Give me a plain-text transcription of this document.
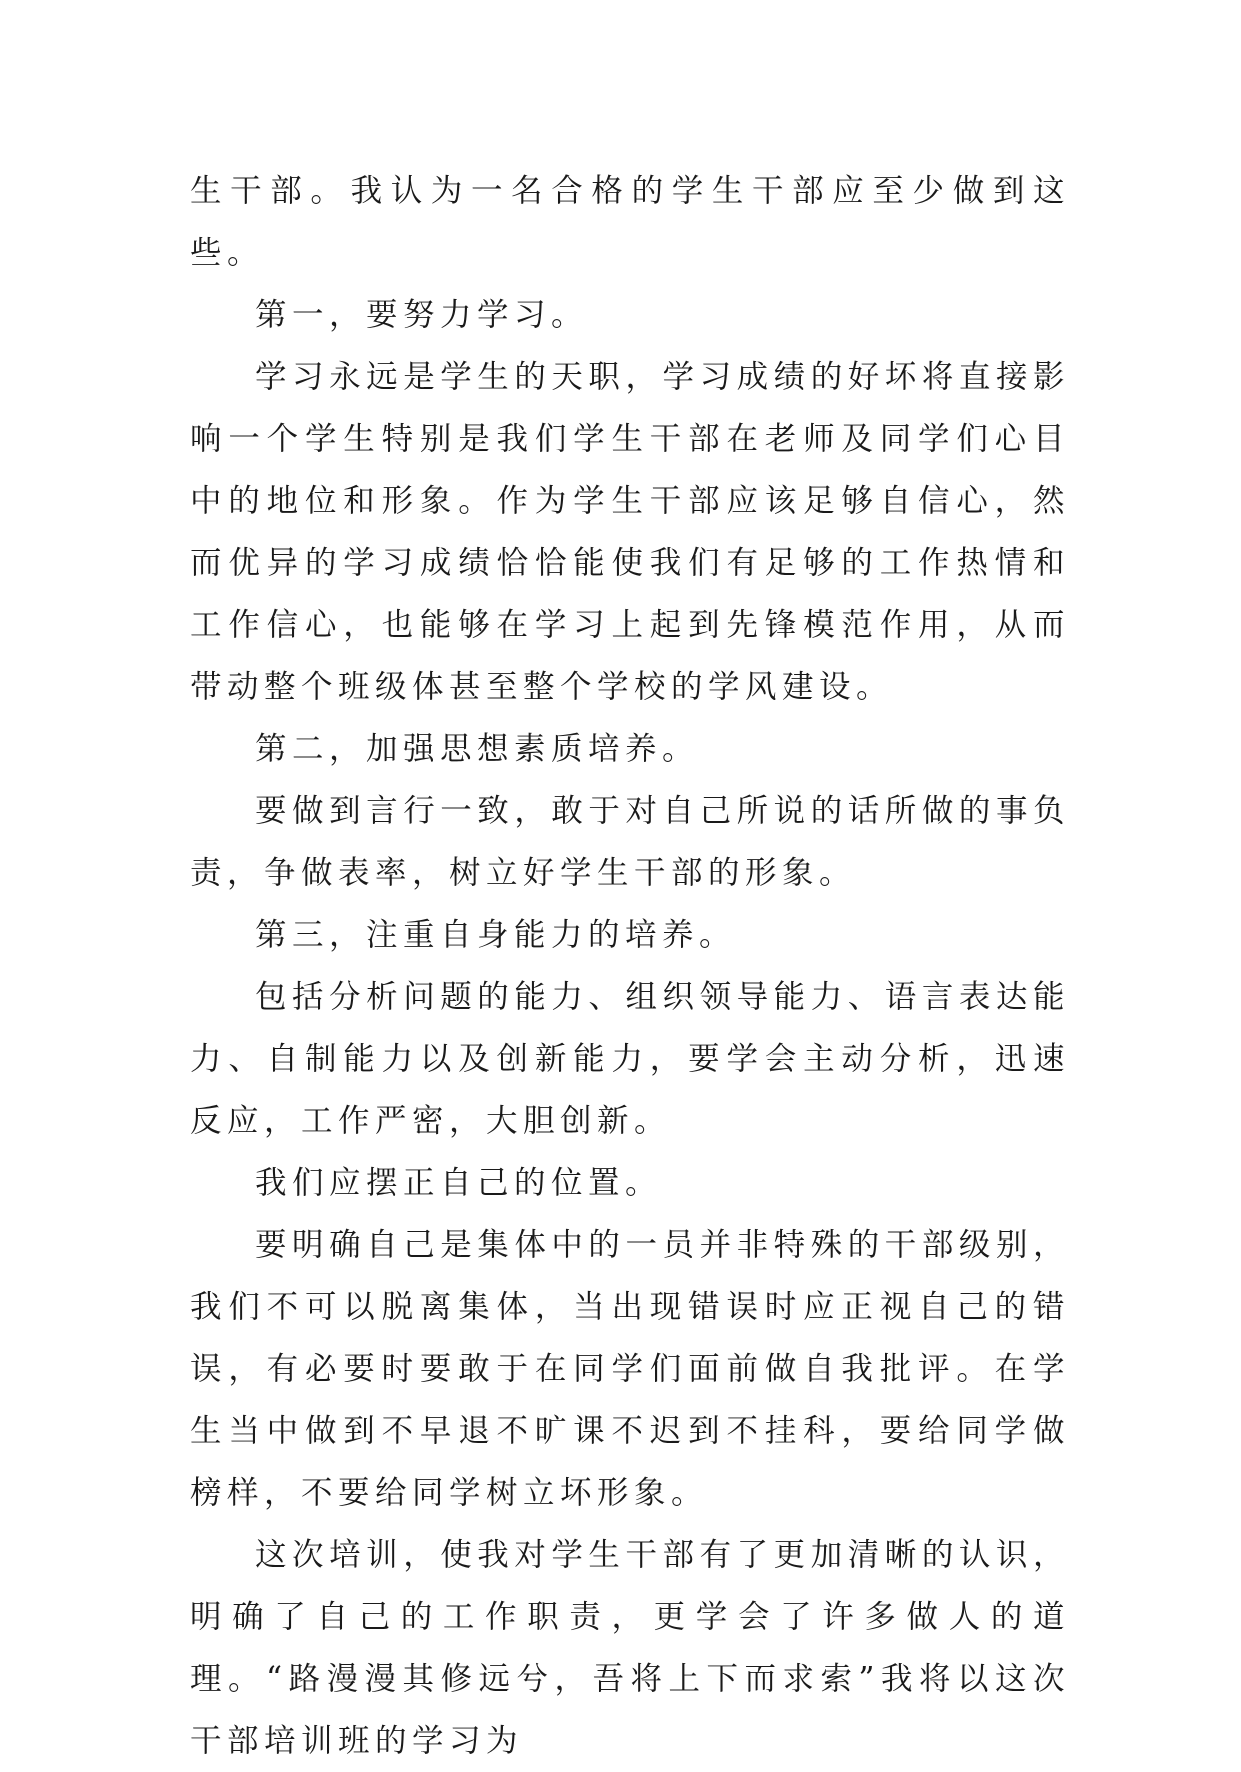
生干部。我认为一名合格的学生干部应至少做到这些。

第一，要努力学习。

学习永远是学生的天职，学习成绩的好坏将直接影响一个学生特别是我们学生干部在老师及同学们心目中的地位和形象。作为学生干部应该足够自信心，然而优异的学习成绩恰恰能使我们有足够的工作热情和工作信心，也能够在学习上起到先锋模范作用，从而带动整个班级体甚至整个学校的学风建设。

第二，加强思想素质培养。

要做到言行一致，敢于对自己所说的话所做的事负责，争做表率，树立好学生干部的形象。

第三，注重自身能力的培养。

包括分析问题的能力、组织领导能力、语言表达能力、自制能力以及创新能力，要学会主动分析，迅速反应，工作严密，大胆创新。

我们应摆正自己的位置。

要明确自己是集体中的一员并非特殊的干部级别，我们不可以脱离集体，当出现错误时应正视自己的错误，有必要时要敢于在同学们面前做自我批评。在学生当中做到不早退不旷课不迟到不挂科，要给同学做榜样，不要给同学树立坏形象。

这次培训，使我对学生干部有了更加清晰的认识，明确了自己的工作职责，更学会了许多做人的道理。“路漫漫其修远兮，吾将上下而求索”我将以这次干部培训班的学习为
